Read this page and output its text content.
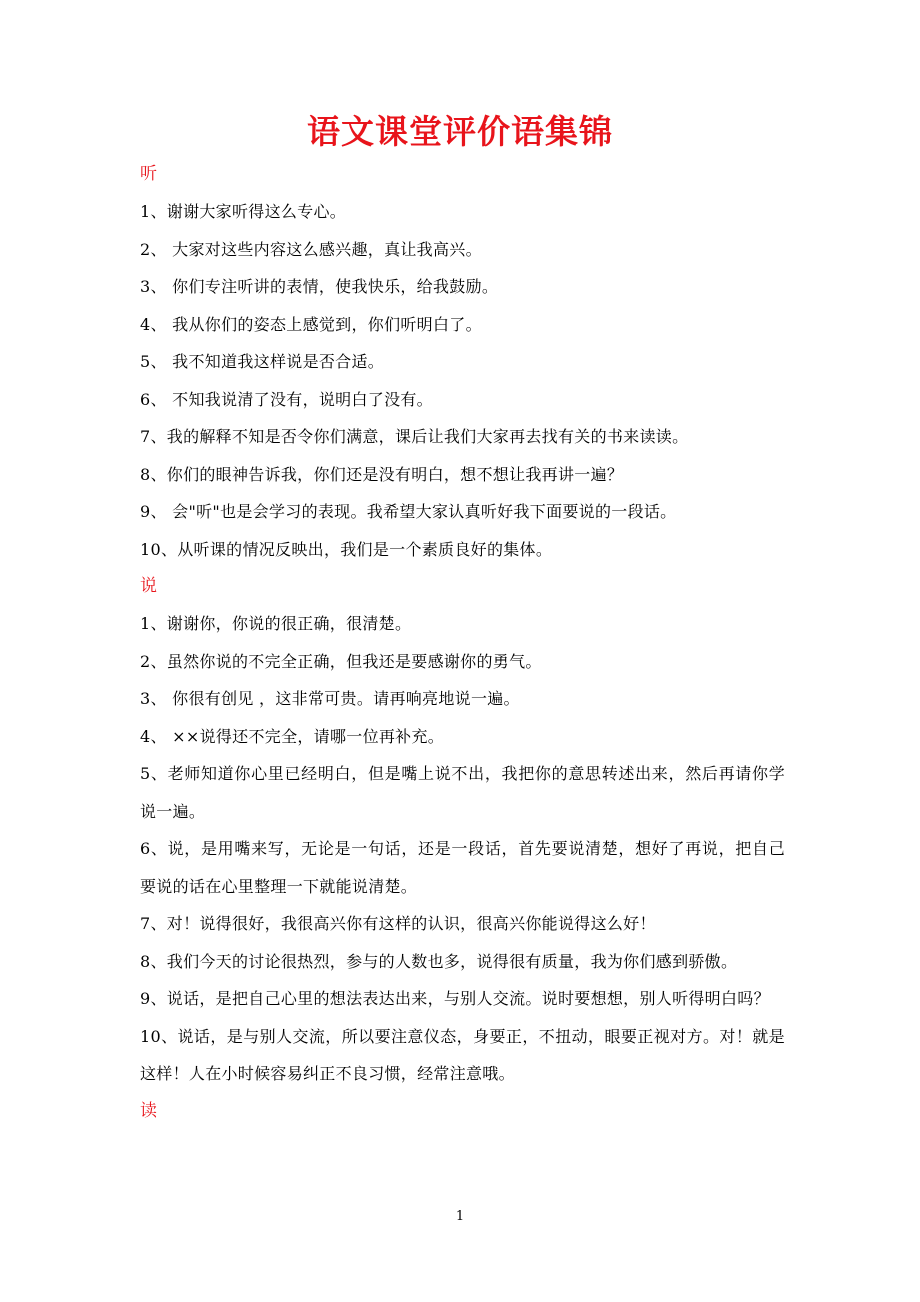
语文课堂评价语集锦
听
1、谢谢大家听得这么专心。
2、 大家对这些内容这么感兴趣，真让我高兴。
3、 你们专注听讲的表情，使我快乐，给我鼓励。
4、 我从你们的姿态上感觉到，你们听明白了。
5、 我不知道我这样说是否合适。
6、 不知我说清了没有，说明白了没有。
7、我的解释不知是否令你们满意，课后让我们大家再去找有关的书来读读。
8、你们的眼神告诉我，你们还是没有明白，想不想让我再讲一遍？
9、 会"听"也是会学习的表现。我希望大家认真听好我下面要说的一段话。
10、从听课的情况反映出，我们是一个素质良好的集体。
说
1、谢谢你，你说的很正确，很清楚。
2、虽然你说的不完全正确，但我还是要感谢你的勇气。
3、 你很有创见 ，这非常可贵。请再响亮地说一遍。
4、 ××说得还不完全，请哪一位再补充。
5、老师知道你心里已经明白，但是嘴上说不出，我把你的意思转述出来，然后再请你学说一遍。
6、说，是用嘴来写，无论是一句话，还是一段话，首先要说清楚，想好了再说，把自己要说的话在心里整理一下就能说清楚。
7、对！说得很好，我很高兴你有这样的认识，很高兴你能说得这么好！
8、我们今天的讨论很热烈，参与的人数也多，说得很有质量，我为你们感到骄傲。
9、说话，是把自己心里的想法表达出来，与别人交流。说时要想想，别人听得明白吗？
10、说话，是与别人交流，所以要注意仪态，身要正，不扭动，眼要正视对方。对！就是这样！人在小时候容易纠正不良习惯，经常注意哦。
读
1
